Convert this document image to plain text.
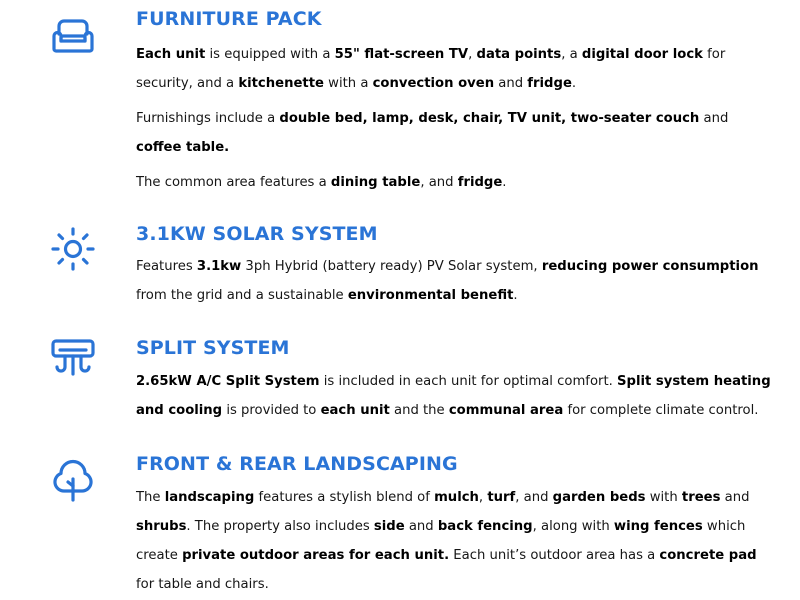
FURNITURE PACK

Each unit is equipped with a 55" flat-screen TV, data points, a digital door lock for security, and a kitchenette with a convection oven and fridge.

Furnishings include a double bed, lamp, desk, chair, TV unit, two-seater couch and coffee table.

The common area features a dining table, and fridge.

3.1KW SOLAR SYSTEM

Features 3.1kw 3ph Hybrid (battery ready) PV Solar system, reducing power consumption from the grid and a sustainable environmental benefit.

SPLIT SYSTEM

2.65kW A/C Split System is included in each unit for optimal comfort. Split system heating and cooling is provided to each unit and the communal area for complete climate control.

FRONT & REAR LANDSCAPING

The landscaping features a stylish blend of mulch, turf, and garden beds with trees and shrubs. The property also includes side and back fencing, along with wing fences which create private outdoor areas for each unit. Each unit’s outdoor area has a concrete pad for table and chairs.
